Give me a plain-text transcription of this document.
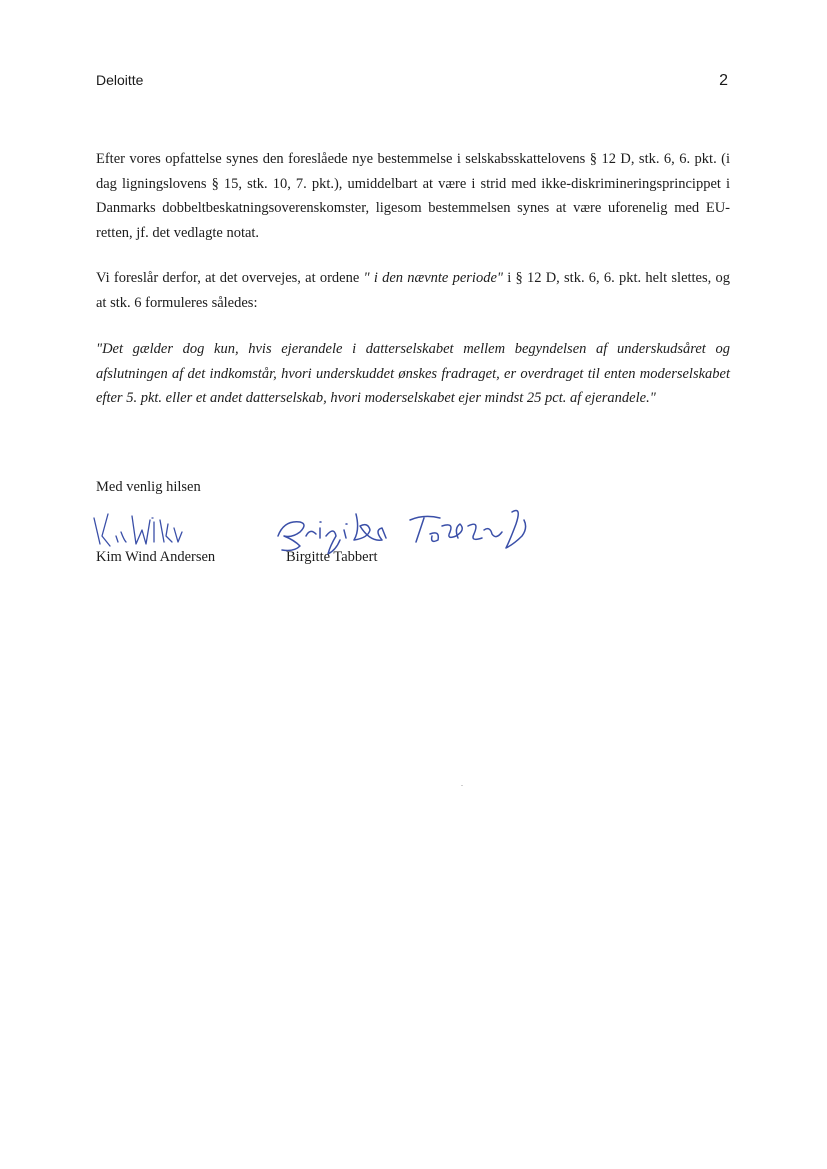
Deloitte	2

Efter vores opfattelse synes den foreslåede nye bestemmelse i selskabsskattelovens § 12 D, stk. 6, 6. pkt. (i dag ligningslovens § 15, stk. 10, 7. pkt.), umiddelbart at være i strid med ikke-diskrimineringsprincippet i Danmarks dobbeltbeskatningsoverenskomster, ligesom bestemmelsen synes at være uforenelig med EU-retten, jf. det vedlagte notat.

Vi foreslår derfor, at det overvejes, at ordene " i den nævnte periode" i § 12 D, stk. 6, 6. pkt. helt slettes, og at stk. 6 formuleres således:

"Det gælder dog kun, hvis ejerandele i datterselskabet mellem begyndelsen af underskudsåret og afslutningen af det indkomstår, hvori underskuddet ønskes fradraget, er overdraget til enten moderselskabet efter 5. pkt. eller et andet datterselskab, hvori moderselskabet ejer mindst 25 pct. af ejerandele."

Med venlig hilsen
Kim Wind Andersen	Birgitte Tabbert
